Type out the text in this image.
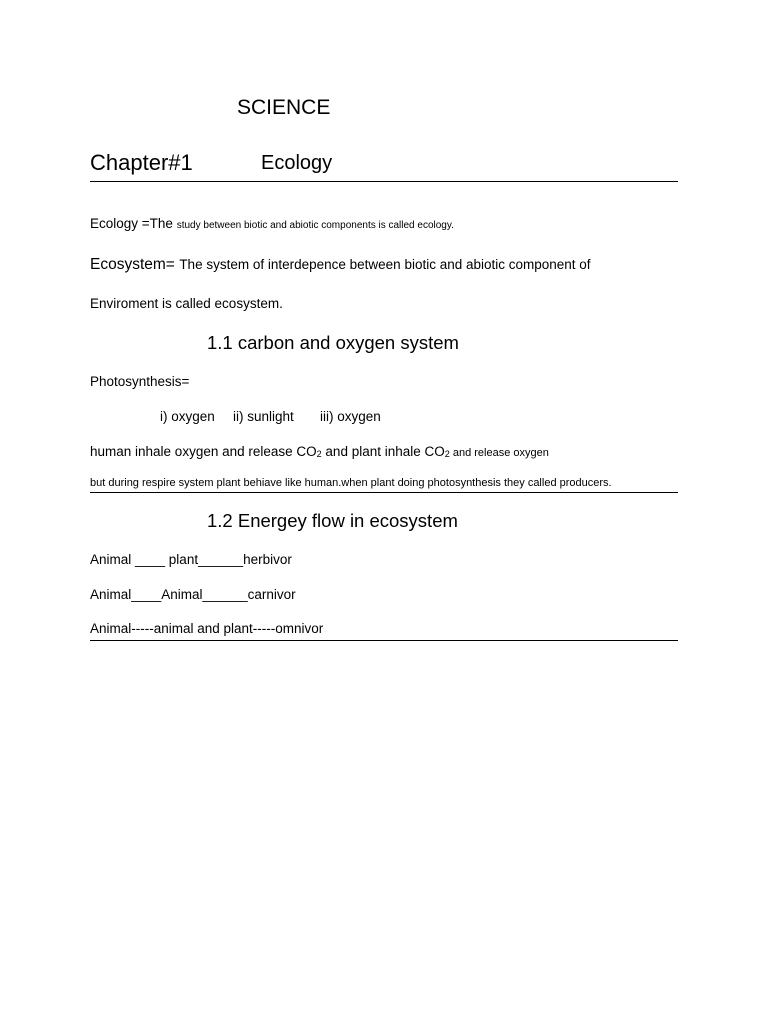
SCIENCE
Chapter#1	Ecology
Ecology =The study between biotic and abiotic components is called ecology.
Ecosystem= The system of interdepence between biotic and abiotic component of
Enviroment is called ecosystem.
1.1 carbon and oxygen system
Photosynthesis=
i) oxygen ii) sunlight iii) oxygen
human inhale oxygen and release $CO_2$ and plant inhale $CO_2$ and release oxygen
but during respire system plant behiave like human.when plant doing photosynthesis they called producers.
1.2 Energey flow in ecosystem
Animal ____ plant______herbivor
Animal____Animal______carnivor
Animal-----animal and plant-----omnivor
